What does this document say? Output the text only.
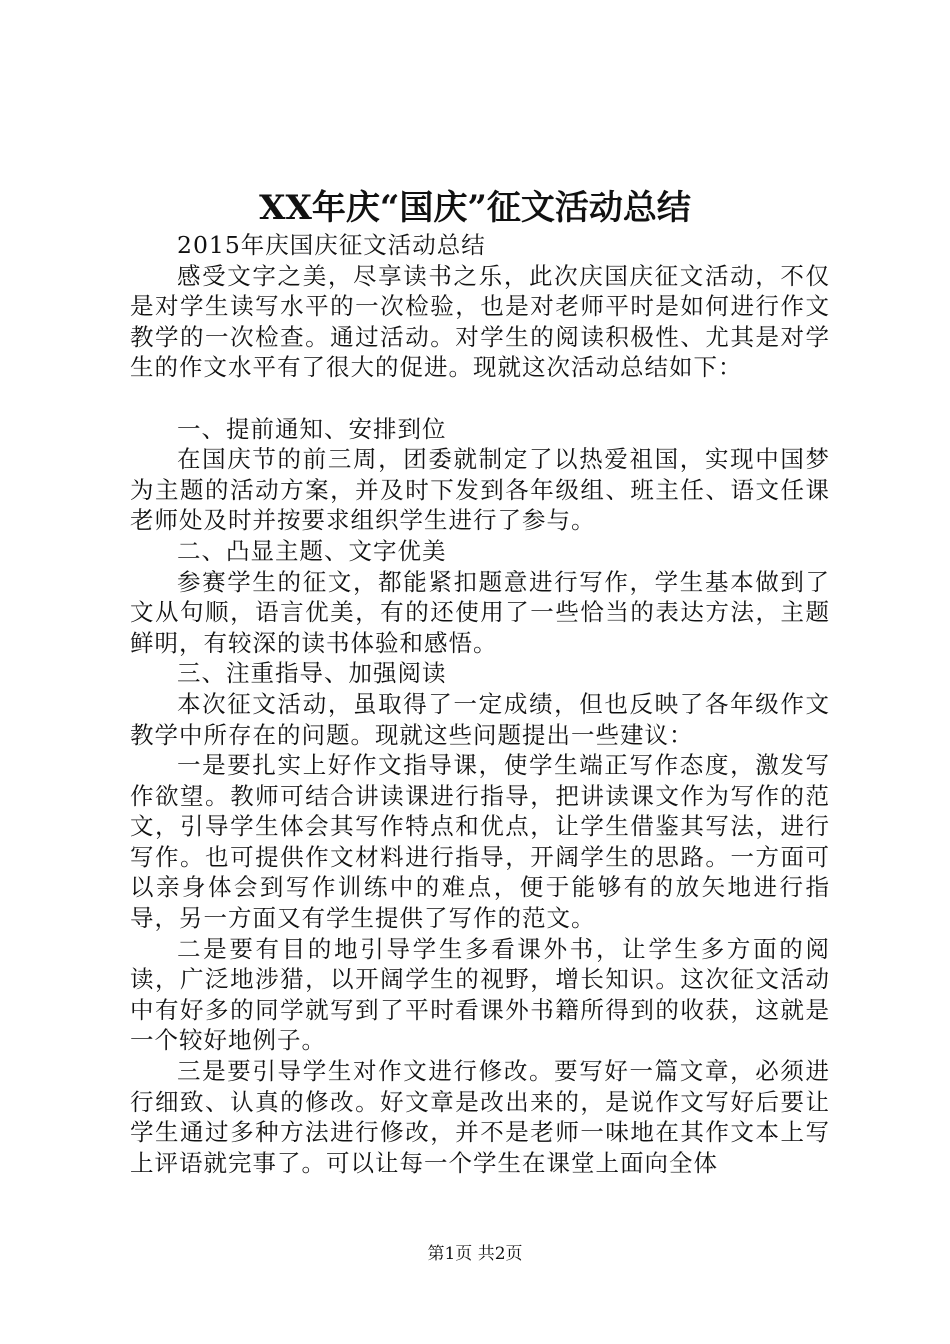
XX年庆“国庆”征文活动总结

2015年庆国庆征文活动总结

感受文字之美，尽享读书之乐，此次庆国庆征文活动，不仅是对学生读写水平的一次检验，也是对老师平时是如何进行作文教学的一次检查。通过活动。对学生的阅读积极性、尤其是对学生的作文水平有了很大的促进。现就这次活动总结如下：

一、提前通知、安排到位

在国庆节的前三周，团委就制定了以热爱祖国，实现中国梦为主题的活动方案，并及时下发到各年级组、班主任、语文任课老师处及时并按要求组织学生进行了参与。

二、凸显主题、文字优美

参赛学生的征文，都能紧扣题意进行写作，学生基本做到了文从句顺，语言优美，有的还使用了一些恰当的表达方法，主题鲜明，有较深的读书体验和感悟。

三、注重指导、加强阅读

本次征文活动，虽取得了一定成绩，但也反映了各年级作文教学中所存在的问题。现就这些问题提出一些建议：

一是要扎实上好作文指导课，使学生端正写作态度，激发写作欲望。教师可结合讲读课进行指导，把讲读课文作为写作的范文，引导学生体会其写作特点和优点，让学生借鉴其写法，进行写作。也可提供作文材料进行指导，开阔学生的思路。一方面可以亲身体会到写作训练中的难点，便于能够有的放矢地进行指导，另一方面又有学生提供了写作的范文。

二是要有目的地引导学生多看课外书，让学生多方面的阅读，广泛地涉猎，以开阔学生的视野，增长知识。这次征文活动中有好多的同学就写到了平时看课外书籍所得到的收获，这就是一个较好地例子。

三是要引导学生对作文进行修改。要写好一篇文章，必须进行细致、认真的修改。好文章是改出来的，是说作文写好后要让学生通过多种方法进行修改，并不是老师一味地在其作文本上写上评语就完事了。可以让每一个学生在课堂上面向全体

第1页 共2页
